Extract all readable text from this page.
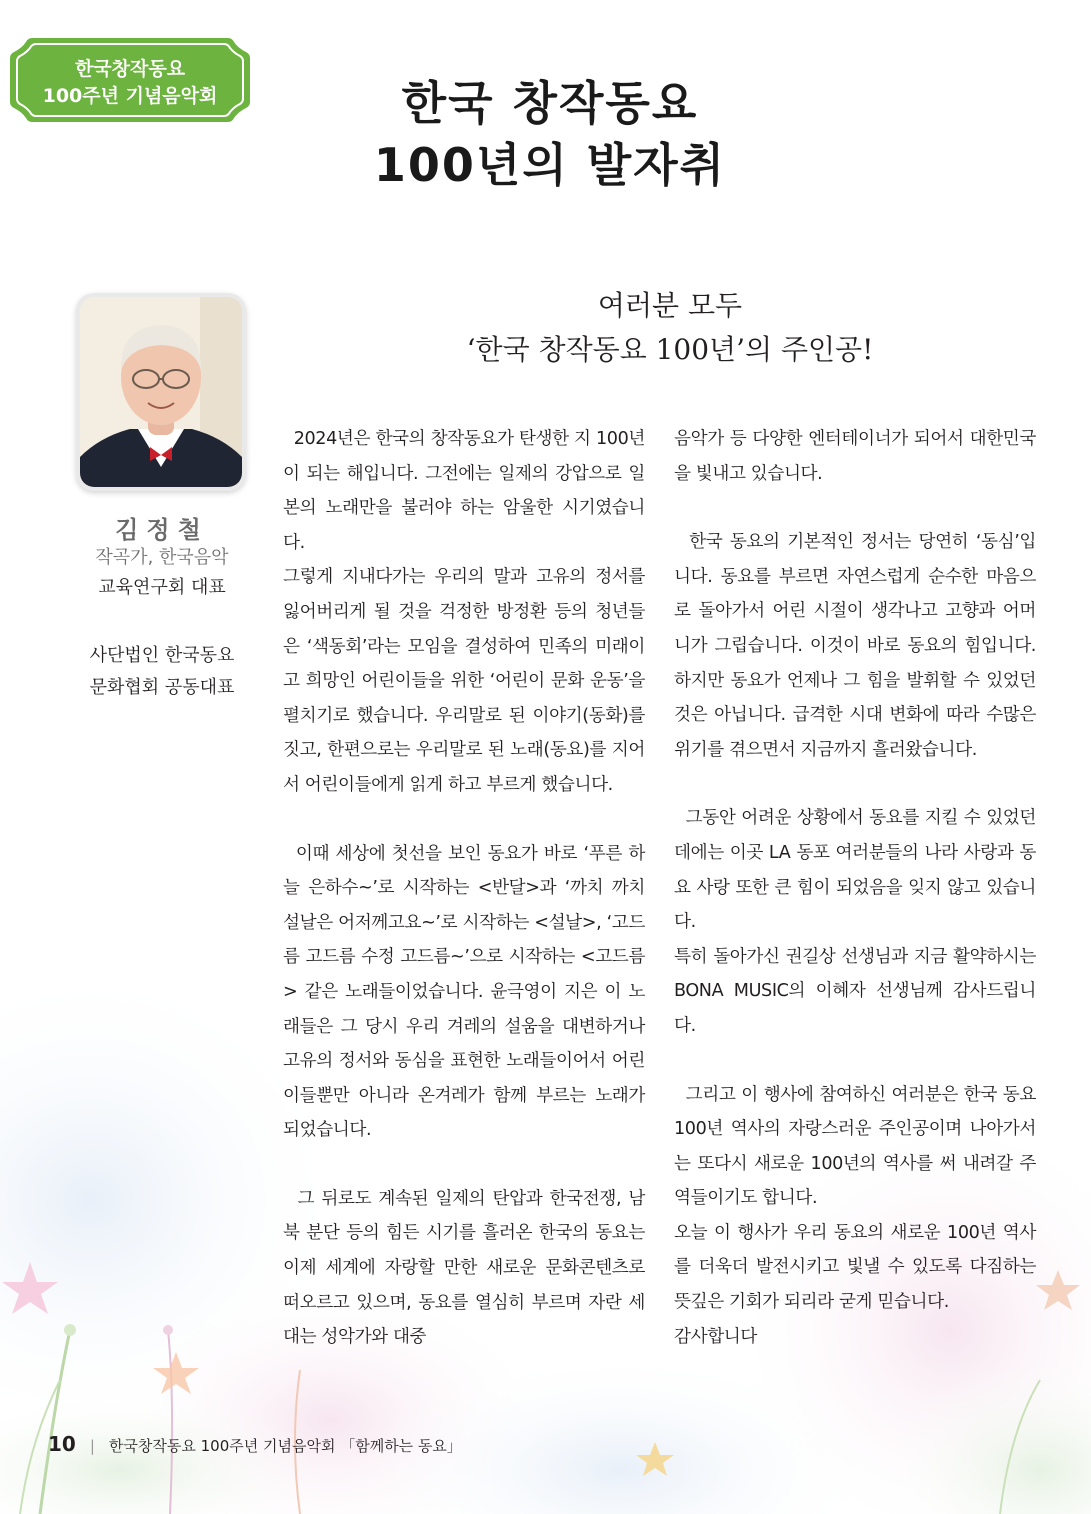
한국창작동요
100주년 기념음악회	한국 창작동요
100년의 발자취
김정철
작곡가, 한국음악
교육연구회 대표
사단법인 한국동요
문화협회 공동대표
여러분 모두
‘한국 창작동요 100년’의 주인공!
2024년은 한국의 창작동요가 탄생한 지 100년이 되는 해입니다. 그전에는 일제의 강압으로 일본의 노래만을 불러야 하는 암울한 시기였습니다.
그렇게 지내다가는 우리의 말과 고유의 정서를 잃어버리게 될 것을 걱정한 방정환 등의 청년들은 ‘색동회’라는 모임을 결성하여 민족의 미래이고 희망인 어린이들을 위한 ‘어린이 문화 운동’을 펼치기로 했습니다. 우리말로 된 이야기(동화)를 짓고, 한편으로는 우리말로 된 노래(동요)를 지어서 어린이들에게 읽게 하고 부르게 했습니다.
이때 세상에 첫선을 보인 동요가 바로 ‘푸른 하늘 은하수~’로 시작하는 <반달>과 ‘까치 까치 설날은 어저께고요~’로 시작하는 <설날>, ‘고드름 고드름 수정 고드름~’으로 시작하는 <고드름> 같은 노래들이었습니다. 윤극영이 지은 이 노래들은 그 당시 우리 겨레의 설움을 대변하거나 고유의 정서와 동심을 표현한 노래들이어서 어린이들뿐만 아니라 온겨레가 함께 부르는 노래가 되었습니다.
그 뒤로도 계속된 일제의 탄압과 한국전쟁, 남북 분단 등의 힘든 시기를 흘러온 한국의 동요는 이제 세계에 자랑할 만한 새로운 문화콘텐츠로 떠오르고 있으며, 동요를 열심히 부르며 자란 세대는 성악가와 대중
음악가 등 다양한 엔터테이너가 되어서 대한민국을 빛내고 있습니다.
한국 동요의 기본적인 정서는 당연히 ‘동심’입니다. 동요를 부르면 자연스럽게 순수한 마음으로 돌아가서 어린 시절이 생각나고 고향과 어머니가 그립습니다. 이것이 바로 동요의 힘입니다. 하지만 동요가 언제나 그 힘을 발휘할 수 있었던 것은 아닙니다. 급격한 시대 변화에 따라 수많은 위기를 겪으면서 지금까지 흘러왔습니다.
그동안 어려운 상황에서 동요를 지킬 수 있었던 데에는 이곳 LA 동포 여러분들의 나라 사랑과 동요 사랑 또한 큰 힘이 되었음을 잊지 않고 있습니다.
특히 돌아가신 권길상 선생님과 지금 활약하시는 BONA MUSIC의 이혜자 선생님께 감사드립니다.
그리고 이 행사에 참여하신 여러분은 한국 동요 100년 역사의 자랑스러운 주인공이며 나아가서는 또다시 새로운 100년의 역사를 써 내려갈 주역들이기도 합니다.
오늘 이 행사가 우리 동요의 새로운 100년 역사를 더욱더 발전시키고 빛낼 수 있도록 다짐하는 뜻깊은 기회가 되리라 굳게 믿습니다.
감사합니다
10 | 한국창작동요 100주년 기념음악회 「함께하는 동요」
